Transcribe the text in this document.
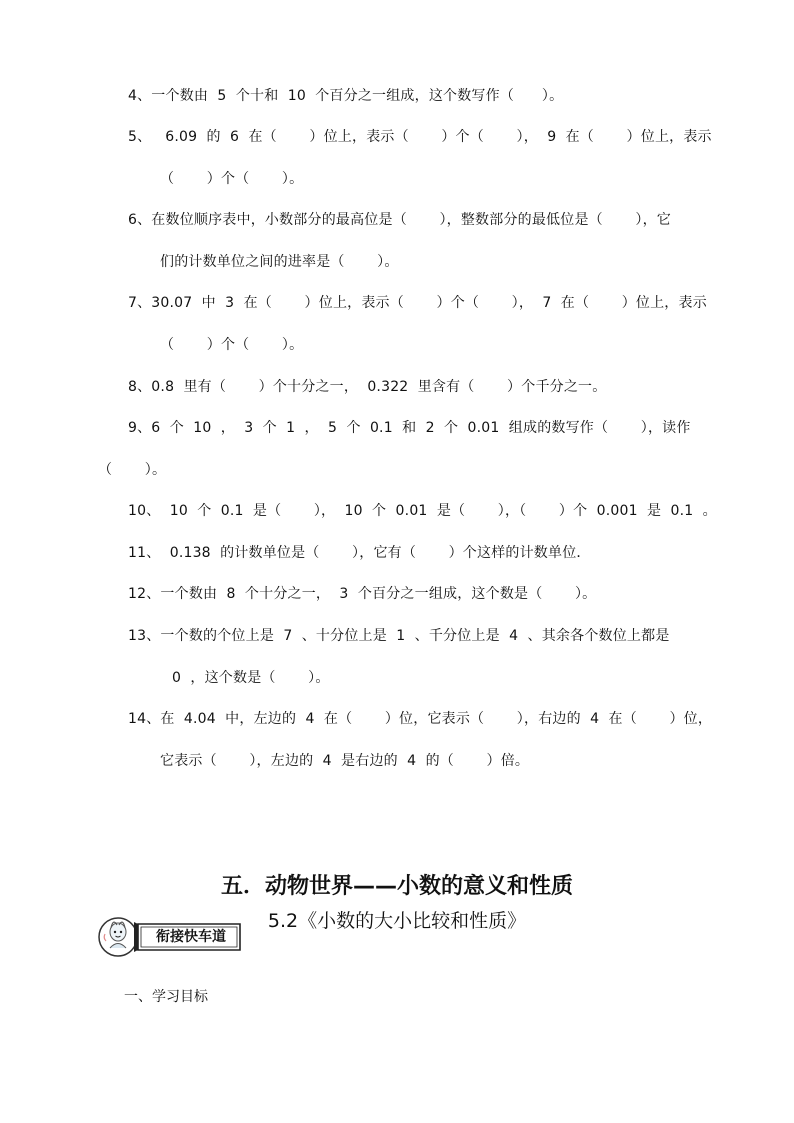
4、一个数由  5  个十和  10  个百分之一组成，这个数写作（      ）。
5、   6.09  的  6  在（       ）位上，表示（       ）个（       ），  9  在（       ）位上，表示
（       ）个（       ）。
6、在数位顺序表中，小数部分的最高位是（       ），整数部分的最低位是（       ），它
们的计数单位之间的进率是（       ）。
7、30.07  中  3  在（       ）位上，表示（       ）个（       ），  7  在（       ）位上，表示
（       ）个（       ）。
8、0.8  里有（       ）个十分之一，  0.322  里含有（       ）个千分之一。
9、6  个  10  ，  3  个  1  ，  5  个  0.1  和  2  个  0.01  组成的数写作（       ），读作
（       ）。
10、  10  个  0.1  是（       ），  10  个  0.01  是（       ），（       ）个  0.001  是  0.1  。
11、  0.138  的计数单位是（       ），它有（       ）个这样的计数单位．
12、一个数由  8  个十分之一，  3  个百分之一组成，这个数是（       ）。
13、一个数的个位上是  7  、十分位上是  1  、千分位上是  4  、其余各个数位上都是
0  ，这个数是（       ）。
14、在  4.04  中，左边的  4  在（       ）位，它表示（       ），右边的  4  在（       ）位，
它表示（       ），左边的  4  是右边的  4  的（       ）倍。
五．动物世界——小数的意义和性质
5.2《小数的大小比较和性质》
衔接快车道
一、学习目标
